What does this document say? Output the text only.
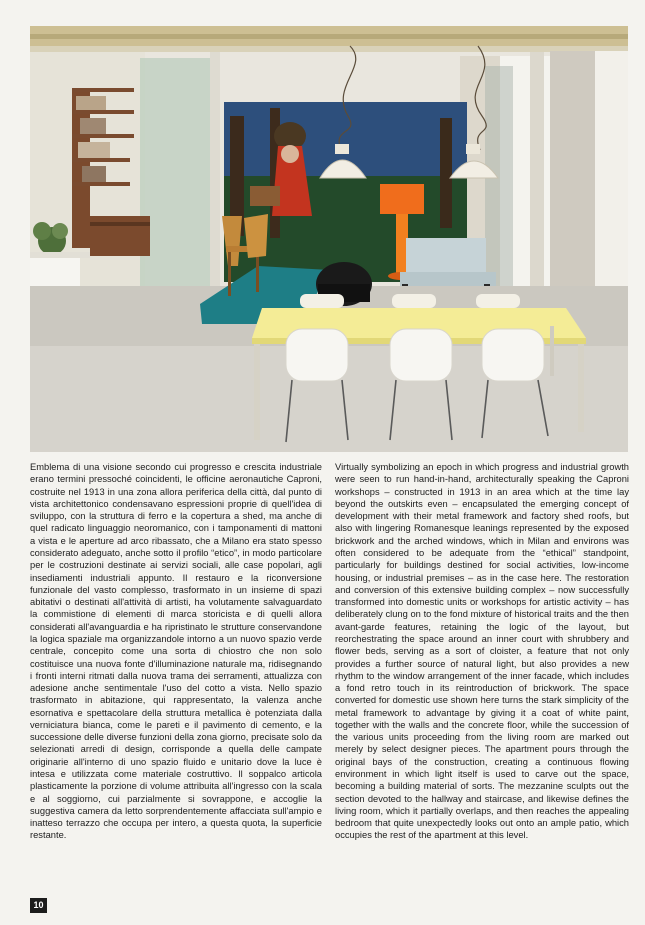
Emblema di una visione secondo cui progresso e crescita industriale erano termini pressoché coincidenti, le officine aeronautiche Caproni, costruite nel 1913 in una zona allora periferica della città, dal punto di vista architettonico condensavano espressioni proprie di quell'idea di sviluppo, con la struttura di ferro e la copertura a shed, ma anche di quel radicato linguaggio neoromanico, con i tamponamenti di mattoni a vista e le aperture ad arco ribassato, che a Milano era stato spesso considerato adeguato, anche sotto il profilo “etico”, in modo particolare per le costruzioni destinate ai servizi sociali, alle case popolari, agli insediamenti industriali appunto. Il restauro e la riconversione funzionale del vasto complesso, trasformato in un insieme di spazi abitativi o destinati all'attività di artisti, ha volutamente salvaguardato la commistione di elementi di marca storicista e di quelli allora considerati all'avanguardia e ha ripristinato le strutture conservandone la logica spaziale ma organizzandole intorno a un nuovo spazio verde centrale, concepito come una sorta di chiostro che non solo costituisce una nuova fonte d'illuminazione naturale ma, ridisegnando i fronti interni ritmati dalla nuova trama dei serramenti, attualizza con adesione anche sentimentale l'uso del cotto a vista. Nello spazio trasformato in abitazione, qui rappresentato, la valenza anche esornativa e spettacolare della struttura metallica è potenziata dalla verniciatura bianca, come le pareti e il pavimento di cemento, e la successione delle diverse funzioni della zona giorno, precisate solo da selezionati arredi di design, corrisponde a quella delle campate originarie all'interno di uno spazio fluido e unitario dove la luce è intesa e utilizzata come materiale costruttivo. Il soppalco articola plasticamente la porzione di volume attribuita all'ingresso con la scala e al soggiorno, cui parzialmente si sovrappone, e accoglie la suggestiva camera da letto sorprendentemente affacciata sull'ampio e inatteso terrazzo che occupa per intero, a questa quota, la superficie restante.

Virtually symbolizing an epoch in which progress and industrial growth were seen to run hand-in-hand, architecturally speaking the Caproni workshops – constructed in 1913 in an area which at the time lay beyond the outskirts even – encapsulated the emerging concept of development with their metal framework and factory shed roofs, but also with lingering Romanesque leanings represented by the exposed brickwork and the arched windows, which in Milan and environs was often considered to be adequate from the “ethical” standpoint, particularly for buildings destined for social activities, low-income housing, or industrial premises – as in the case here. The restoration and conversion of this extensive building complex – now successfully transformed into domestic units or workshops for artistic activity – has deliberately clung on to the fond mixture of historical traits and the then avant-garde features, retaining the logic of the layout, but reorchestrating the space around an inner court with shrubbery and flower beds, serving as a sort of cloister, a feature that not only provides a further source of natural light, but also provides a new rhythm to the window arrangement of the inner facade, which includes a fond retro touch in its reintroduction of brickwork. The space converted for domestic use shown here turns the stark simplicity of the metal framework to advantage by giving it a coat of white paint, together with the walls and the concrete floor, while the succession of the various units proceeding from the living room are marked out merely by select designer pieces. The apartment pours through the original bays of the construction, creating a continuous flowing environment in which light itself is used to carve out the space, becoming a building material of sorts. The mezzanine sculpts out the section devoted to the hallway and staircase, and likewise defines the living room, which it partially overlaps, and then reaches the appealing bedroom that quite unexpectedly looks out onto an ample patio, which occupies the rest of the apartment at this level.

10
